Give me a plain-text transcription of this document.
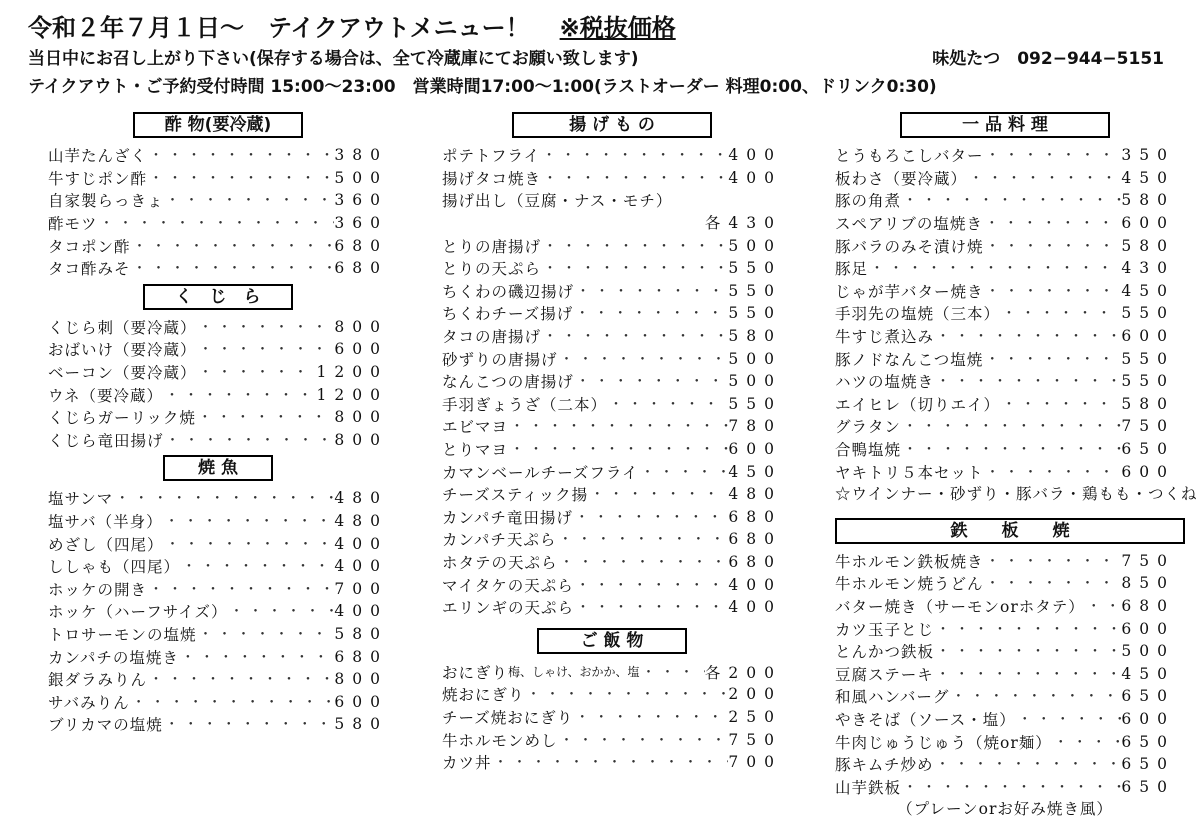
令和２年７月１日〜　テイクアウトメニュー！ ※税抜価格
当日中にお召し上がり下さい(保存する場合は、全て冷蔵庫にてお願い致します)	味処たつ　092−944−5151
テイクアウト・ご予約受付時間 15:00〜23:00　営業時間17:00〜1:00(ラストオーダー 料理0:00、ドリンク0:30)
酢 物(要冷蔵)
山芋たんざく ・・・・・・・・・・・・・・・・・・・・	380
牛すじポン酢 ・・・・・・・・・・・・・・・・・・・・	500
自家製らっきょ ・・・・・・・・・・・・・・・・・・・・	360
酢モツ ・・・・・・・・・・・・・・・・・・・・	360
タコポン酢 ・・・・・・・・・・・・・・・・・・・・	680
タコ酢みそ ・・・・・・・・・・・・・・・・・・・・	680
く　じ　ら
くじら刺（要冷蔵） ・・・・・・・・・・・・・・・・・・・・	800
おばいけ（要冷蔵） ・・・・・・・・・・・・・・・・・・・・	600
ベーコン（要冷蔵） ・・・・・・・・・・・・・・・・・・・・	1200
ウネ（要冷蔵） ・・・・・・・・・・・・・・・・・・・・	1200
くじらガーリック焼 ・・・・・・・・・・・・・・・・・・・・	800
くじら竜田揚げ ・・・・・・・・・・・・・・・・・・・・	800
焼 魚
塩サンマ ・・・・・・・・・・・・・・・・・・・・	480
塩サバ（半身） ・・・・・・・・・・・・・・・・・・・・	480
めざし（四尾） ・・・・・・・・・・・・・・・・・・・・	400
ししゃも（四尾） ・・・・・・・・・・・・・・・・・・・・	400
ホッケの開き ・・・・・・・・・・・・・・・・・・・・	700
ホッケ（ハーフサイズ） ・・・・・・・・・・・・・・・・・・・・	400
トロサーモンの塩焼 ・・・・・・・・・・・・・・・・・・・・	580
カンパチの塩焼き ・・・・・・・・・・・・・・・・・・・・	680
銀ダラみりん ・・・・・・・・・・・・・・・・・・・・	800
サバみりん ・・・・・・・・・・・・・・・・・・・・	600
ブリカマの塩焼 ・・・・・・・・・・・・・・・・・・・・	580
揚 げ も の
ポテトフライ ・・・・・・・・・・・・・・・・・・・・	400
揚げタコ焼き ・・・・・・・・・・・・・・・・・・・・	400
揚げ出し（豆腐・ナス・モチ）
各430
とりの唐揚げ ・・・・・・・・・・・・・・・・・・・・	500
とりの天ぷら ・・・・・・・・・・・・・・・・・・・・	550
ちくわの磯辺揚げ ・・・・・・・・・・・・・・・・・・・・	550
ちくわチーズ揚げ ・・・・・・・・・・・・・・・・・・・・	550
タコの唐揚げ ・・・・・・・・・・・・・・・・・・・・	580
砂ずりの唐揚げ ・・・・・・・・・・・・・・・・・・・・	500
なんこつの唐揚げ ・・・・・・・・・・・・・・・・・・・・	500
手羽ぎょうざ（二本） ・・・・・・・・・・・・・・・・・・・・	550
エビマヨ ・・・・・・・・・・・・・・・・・・・・	780
とりマヨ ・・・・・・・・・・・・・・・・・・・・	600
カマンベールチーズフライ ・・・・・・・・・・・・・・・・・・・・	450
チーズスティック揚 ・・・・・・・・・・・・・・・・・・・・	480
カンパチ竜田揚げ ・・・・・・・・・・・・・・・・・・・・	680
カンパチ天ぷら ・・・・・・・・・・・・・・・・・・・・	680
ホタテの天ぷら ・・・・・・・・・・・・・・・・・・・・	680
マイタケの天ぷら ・・・・・・・・・・・・・・・・・・・・	400
エリンギの天ぷら ・・・・・・・・・・・・・・・・・・・・	400
ご 飯 物
おにぎり 梅、しゃけ、おかか、塩 ・・・・・・・・・・・・・・・・・・・・	各200
焼おにぎり ・・・・・・・・・・・・・・・・・・・・	200
チーズ焼おにぎり ・・・・・・・・・・・・・・・・・・・・	250
牛ホルモンめし ・・・・・・・・・・・・・・・・・・・・	750
カツ丼 ・・・・・・・・・・・・・・・・・・・・	700
一 品 料 理
とうもろこしバター ・・・・・・・・・・・・・・・・・・・・	350
板わさ（要冷蔵） ・・・・・・・・・・・・・・・・・・・・	450
豚の角煮 ・・・・・・・・・・・・・・・・・・・・	580
スペアリブの塩焼き ・・・・・・・・・・・・・・・・・・・・	600
豚バラのみそ漬け焼 ・・・・・・・・・・・・・・・・・・・・	580
豚足 ・・・・・・・・・・・・・・・・・・・・	430
じゃが芋バター焼き ・・・・・・・・・・・・・・・・・・・・	450
手羽先の塩焼（三本） ・・・・・・・・・・・・・・・・・・・・	550
牛すじ煮込み ・・・・・・・・・・・・・・・・・・・・	600
豚ノドなんこつ塩焼 ・・・・・・・・・・・・・・・・・・・・	550
ハツの塩焼き ・・・・・・・・・・・・・・・・・・・・	550
エイヒレ（切りエイ） ・・・・・・・・・・・・・・・・・・・・	580
グラタン ・・・・・・・・・・・・・・・・・・・・	750
合鴨塩焼 ・・・・・・・・・・・・・・・・・・・・	650
ヤキトリ５本セット ・・・・・・・・・・・・・・・・・・・・	600
☆ウインナー・砂ずり・豚バラ・鶏もも・つくね
鉄　　板　　焼
牛ホルモン鉄板焼き ・・・・・・・・・・・・・・・・・・・・	750
牛ホルモン焼うどん ・・・・・・・・・・・・・・・・・・・・	850
バター焼き（サーモンorホタテ） ・・・・・・・・・・・・・・・・・・・・ 680
カツ玉子とじ ・・・・・・・・・・・・・・・・・・・・	600
とんかつ鉄板 ・・・・・・・・・・・・・・・・・・・・	500
豆腐ステーキ ・・・・・・・・・・・・・・・・・・・・	450
和風ハンバーグ ・・・・・・・・・・・・・・・・・・・・	650
やきそば（ソース・塩） ・・・・・・・・・・・・・・・・・・・・	600
牛肉じゅうじゅう（焼or麺） ・・・・・・・・・・・・・・・・・・・・	650
豚キムチ炒め ・・・・・・・・・・・・・・・・・・・・	650
山芋鉄板 ・・・・・・・・・・・・・・・・・・・・	650
（プレーンorお好み焼き風）
